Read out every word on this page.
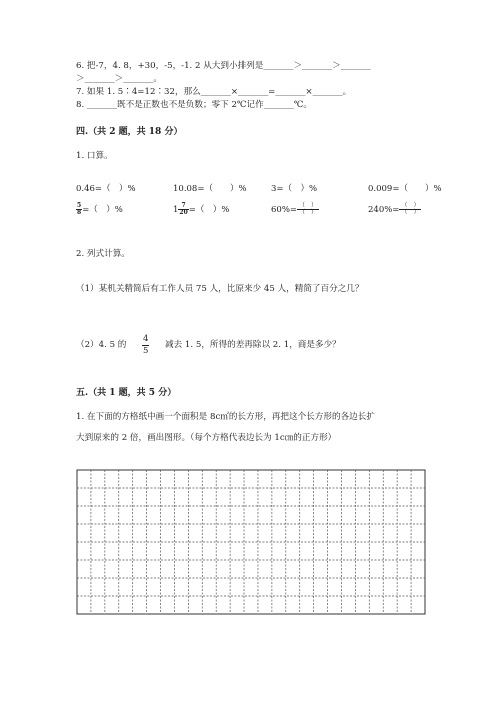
6. 把-7，4. 8，+30，-5，-1. 2 从大到小排列是_______＞_______＞_______
＞_______＞_______。
7. 如果 1. 5∶4=12∶32，那么_______×_______=_______×_______。
8. _______既不是正数也不是负数；零下 2℃记作_______℃。
四.（共 2 题，共 18 分）
1. 口算。
0.46=（　）%	10.08=（　　）%	3=（　）%	0.009=（　　）%
$\frac{5}{8}$ =（　）%	$1 \frac{7}{20}$ =（　）%	$60\%= \frac{( )}{( )}$	$240\%= \frac{( )}{( )}$
2. 列式计算。
（1）某机关精简后有工作人员 75 人，比原来少 45 人，精简了百分之几？
（2）4. 5 的
4
5
减去 1. 5，所得的差再除以 2. 1，商是多少？
五.（共 1 题，共 5 分）
1. 在下面的方格纸中画一个面积是 8c㎡的长方形，再把这个长方形的各边长扩
大到原来的 2 倍，画出图形。（每个方格代表边长为 1c㎝的正方形）
